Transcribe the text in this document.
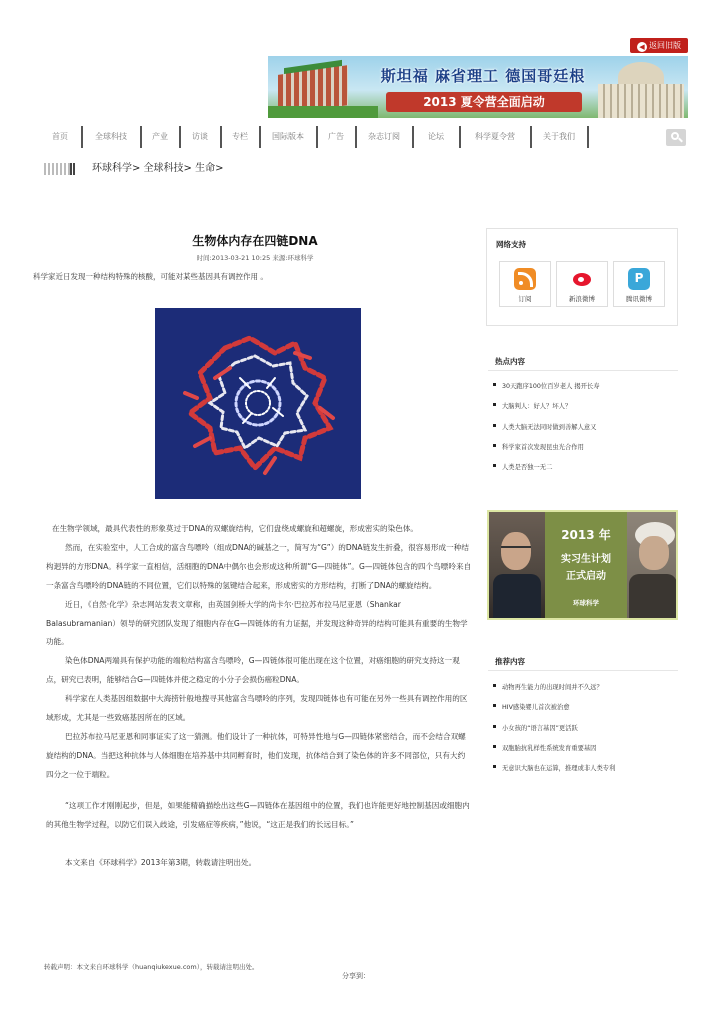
◀ 返回旧版
斯坦福 麻省理工 德国哥廷根
2013 夏令营全面启动
首页	全球科技	产业	访谈	专栏	国际版本	广告	杂志订阅	论坛	科学夏令营	关于我们
环球科学> 全球科技> 生命>
生物体内存在四链DNA
时间:2013-03-21 10:25 来源:环球科学
科学家近日发现一种结构特殊的核酸，可能对某些基因具有调控作用 。

在生物学领域，最具代表性的形象莫过于DNA的双螺旋结构，它们盘绕成螺旋和超螺旋，形成密实的染色体。

然而，在实验室中，人工合成的富含鸟嘌呤（组成DNA的碱基之一，简写为“G”）的DNA链发生折叠，很容易形成一种结构迥异的方形DNA。科学家一直相信，活细胞的DNA中偶尔也会形成这种所谓“G—四链体”。G—四链体包含的四个鸟嘌呤来自一条富含鸟嘌呤的DNA链的不同位置，它们以特殊的氢键结合起来，形成密实的方形结构，打断了DNA的螺旋结构。

近日，《自然·化学》杂志网站发表文章称，由英国剑桥大学的尚卡尔·巴拉苏布拉马尼亚恩（Shankar Balasubramanian）领导的研究团队发现了细胞内存在G—四链体的有力证据，并发现这种奇异的结构可能具有重要的生物学功能。

染色体DNA两端具有保护功能的端粒结构富含鸟嘌呤，G—四链体很可能出现在这个位置，对癌细胞的研究支持这一观点，研究已表明，能够结合G—四链体并使之稳定的小分子会损伤癌粒DNA。

科学家在人类基因组数据中大海捞针般地搜寻其他富含鸟嘌呤的序列，发现四链体也有可能在另外一些具有调控作用的区域形成，尤其是一些致癌基因所在的区域。

巴拉苏布拉马尼亚恩和同事证实了这一猜测。他们设计了一种抗体，可特异性地与G—四链体紧密结合，而不会结合双螺旋结构的DNA。当把这种抗体与人体细胞在培养基中共同孵育时，他们发现，抗体结合到了染色体的许多不同部位，只有大约四分之一位于端粒。

“这项工作才刚刚起步，但是，如果能精确描绘出这些G—四链体在基因组中的位置，我们也许能更好地控制基因或细胞内的其他生物学过程，以防它们误入歧途，引发癌症等疾病，”他说，“这正是我们的长远目标。”

本文来自《环球科学》2013年第3期，转载请注明出处。

转载声明：本文来自环球科学（huanqiukexue.com），转载请注明出处。
分享到：
网络支持
订阅	新浪微博
P	腾讯微博
热点内容
30天跑序100位百岁老人 揭开长寿
大脑判人：好人？坏人？
人类大脑无法同时做到善解人意又
科学家首次发现昆虫光合作用
人类是否独一无二
2013 年
实习生计划
正式启动
环球科学
推荐内容
动物再生能力的出现时间并不久远？
HIV感染婴儿首次被治愈
小女孩的“语言基因”更活跃
双胞胎抗乳样性系统发育重要基因
无意识大脑也在运算，推理或非人类专利
